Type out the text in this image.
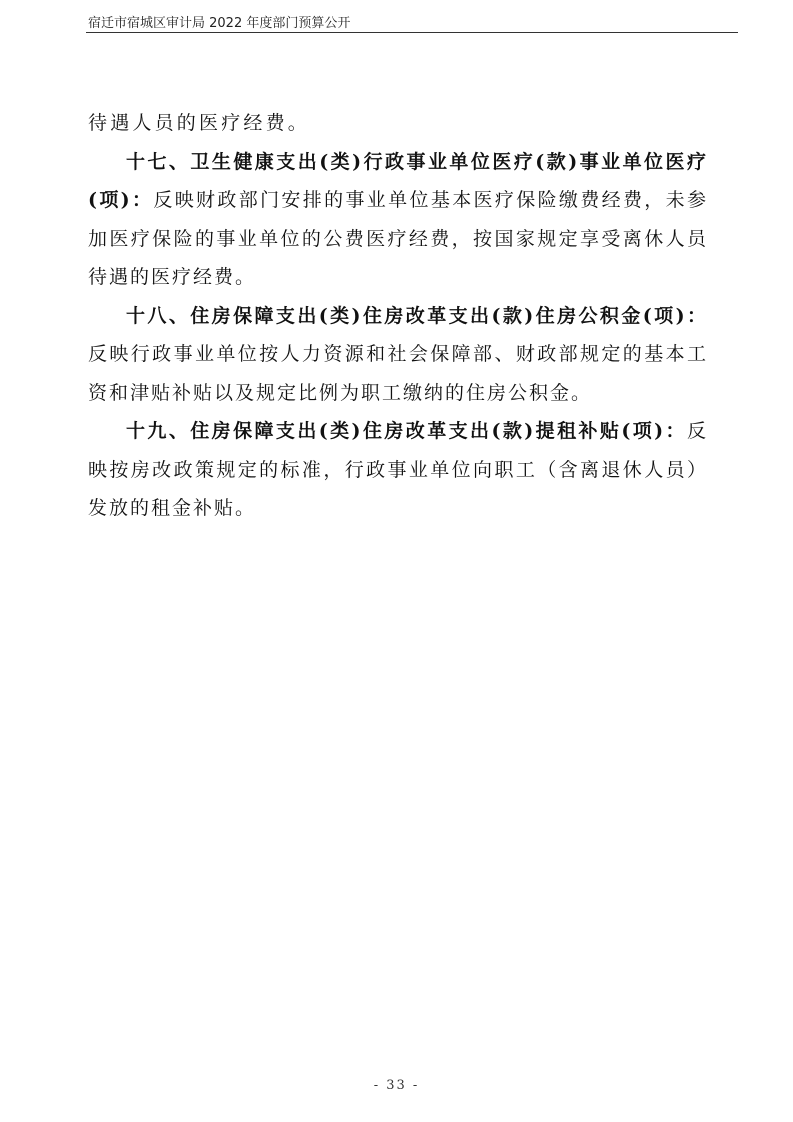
宿迁市宿城区审计局 2022 年度部门预算公开

待遇人员的医疗经费。

十七、卫生健康支出(类)行政事业单位医疗(款)事业单位医疗(项)：反映财政部门安排的事业单位基本医疗保险缴费经费，未参加医疗保险的事业单位的公费医疗经费，按国家规定享受离休人员待遇的医疗经费。

十八、住房保障支出(类)住房改革支出(款)住房公积金(项)：反映行政事业单位按人力资源和社会保障部、财政部规定的基本工资和津贴补贴以及规定比例为职工缴纳的住房公积金。

十九、住房保障支出(类)住房改革支出(款)提租补贴(项)：反映按房改政策规定的标准，行政事业单位向职工（含离退休人员）发放的租金补贴。

- 33 -
